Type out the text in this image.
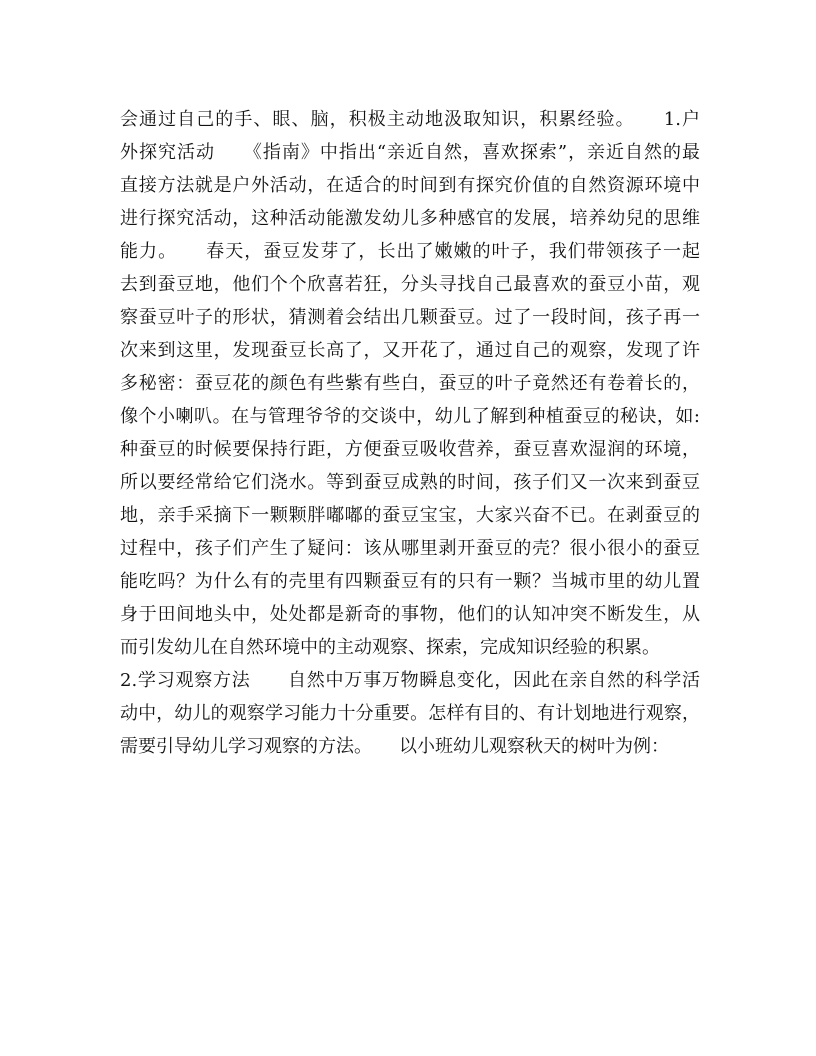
会通过自己的手、眼、脑，积极主动地汲取知识，积累经验。　　1.户
外探究活动　　《指南》中指出“亲近自然，喜欢探索”，亲近自然的最
直接方法就是户外活动，在适合的时间到有探究价值的自然资源环境中
进行探究活动，这种活动能激发幼儿多种感官的发展，培养幼兒的思维
能力。　　春天，蚕豆发芽了，长出了嫩嫩的叶子，我们带领孩子一起
去到蚕豆地，他们个个欣喜若狂，分头寻找自己最喜欢的蚕豆小苗，观
察蚕豆叶子的形状，猜测着会结出几颗蚕豆。过了一段时间，孩子再一
次来到这里，发现蚕豆长高了，又开花了，通过自己的观察，发现了许
多秘密：蚕豆花的颜色有些紫有些白，蚕豆的叶子竟然还有卷着长的，
像个小喇叭。在与管理爷爷的交谈中，幼儿了解到种植蚕豆的秘诀，如:
种蚕豆的时候要保持行距，方便蚕豆吸收营养，蚕豆喜欢湿润的环境，
所以要经常给它们浇水。等到蚕豆成熟的时间，孩子们又一次来到蚕豆
地，亲手采摘下一颗颗胖嘟嘟的蚕豆宝宝，大家兴奋不已。在剥蚕豆的
过程中，孩子们产生了疑问：该从哪里剥开蚕豆的壳？很小很小的蚕豆
能吃吗？为什么有的壳里有四颗蚕豆有的只有一颗？当城市里的幼儿置
身于田间地头中，处处都是新奇的事物，他们的认知冲突不断发生，从
而引发幼儿在自然环境中的主动观察、探索，完成知识经验的积累。
2.学习观察方法　　自然中万事万物瞬息变化，因此在亲自然的科学活
动中，幼儿的观察学习能力十分重要。怎样有目的、有计划地进行观察，
需要引导幼儿学习观察的方法。　　以小班幼儿观察秋天的树叶为例：
